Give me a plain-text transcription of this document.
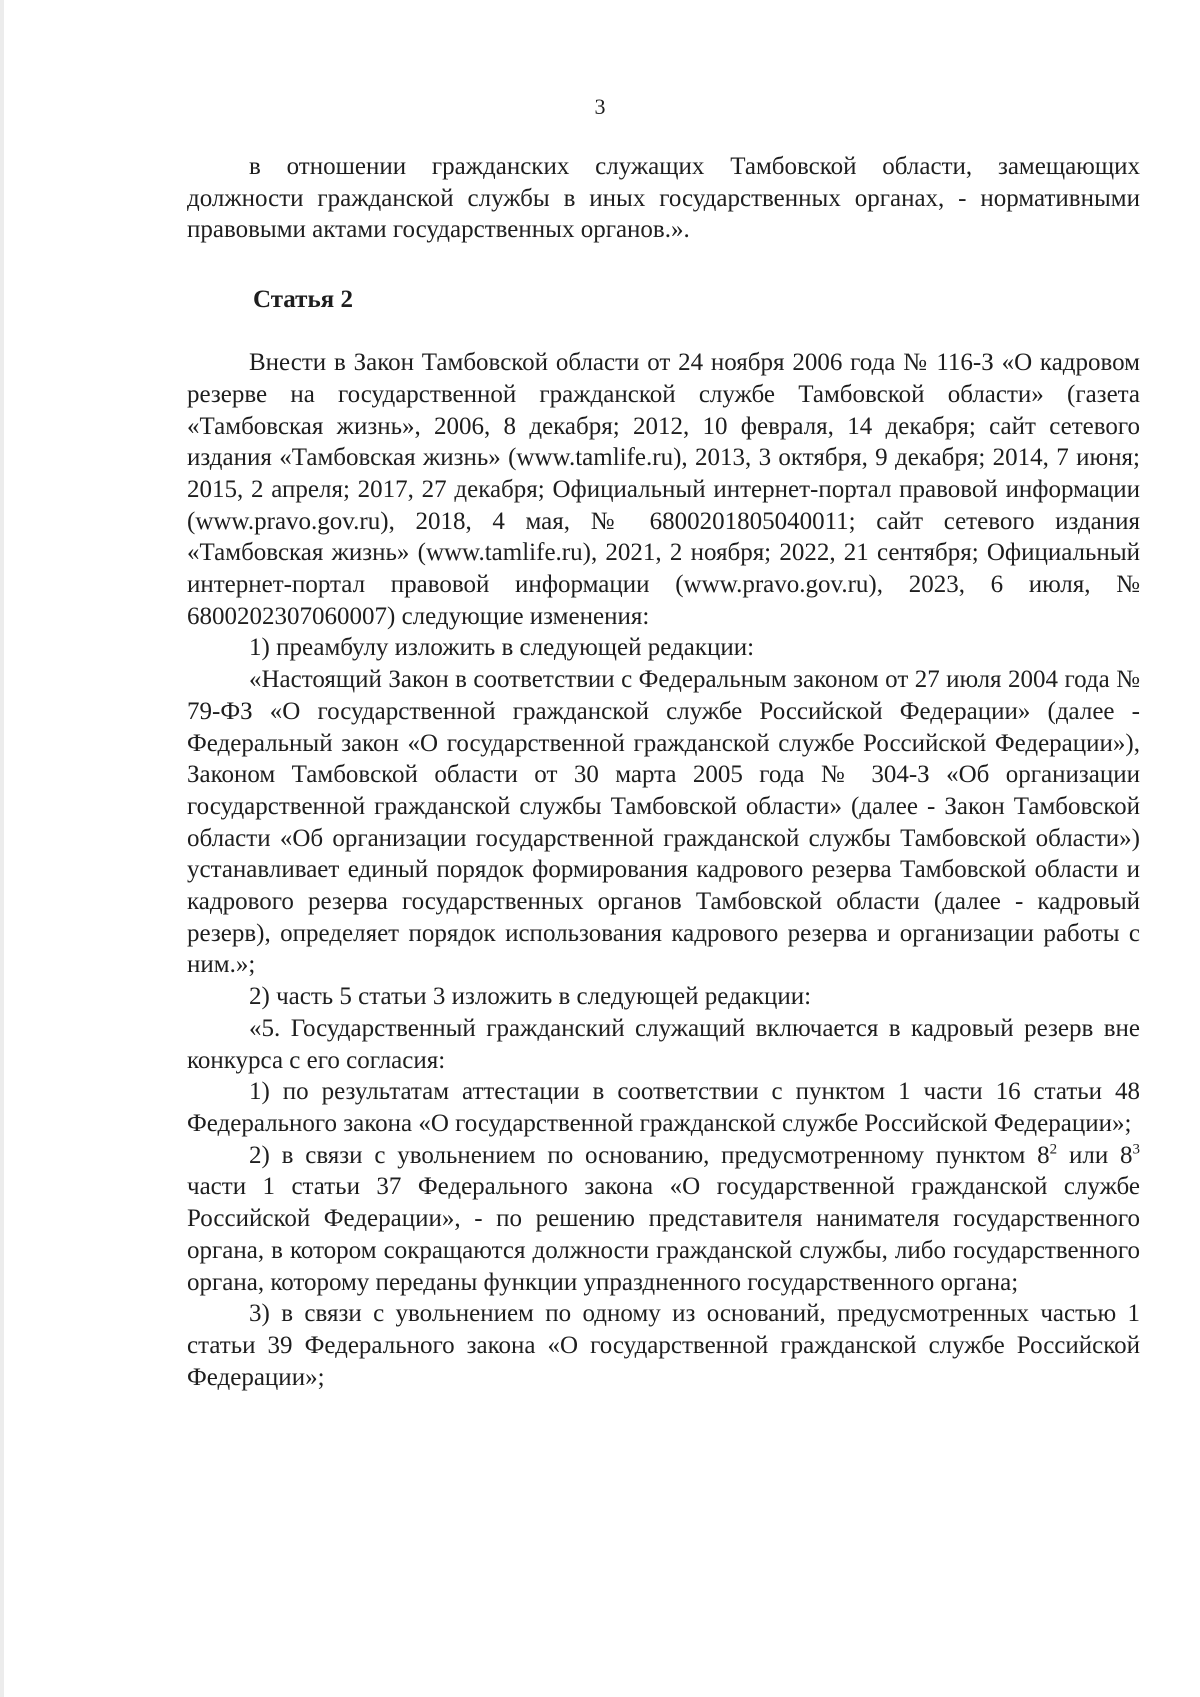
3

в отношении гражданских служащих Тамбовской области, замещающих должности гражданской службы в иных государственных органах, - нормативными правовыми актами государственных органов.».

Статья 2

Внести в Закон Тамбовской области от 24 ноября 2006 года № 116-З «О кадровом резерве на государственной гражданской службе Тамбовской области» (газета «Тамбовская жизнь», 2006, 8 декабря; 2012, 10 февраля, 14 декабря; сайт сетевого издания «Тамбовская жизнь» (www.tamlife.ru), 2013, 3 октября, 9 декабря; 2014, 7 июня; 2015, 2 апреля; 2017, 27 декабря; Официальный интернет-портал правовой информации (www.pravo.gov.ru), 2018, 4 мая, № 6800201805040011; сайт сетевого издания «Тамбовская жизнь» (www.tamlife.ru), 2021, 2 ноября; 2022, 21 сентября; Официальный интернет-портал правовой информации (www.pravo.gov.ru), 2023, 6 июля, № 6800202307060007) следующие изменения:

1) преамбулу изложить в следующей редакции:

«Настоящий Закон в соответствии с Федеральным законом от 27 июля 2004 года № 79-ФЗ «О государственной гражданской службе Российской Федерации» (далее - Федеральный закон «О государственной гражданской службе Российской Федерации»), Законом Тамбовской области от 30 марта 2005 года № 304-З «Об организации государственной гражданской службы Тамбовской области» (далее - Закон Тамбовской области «Об организации государственной гражданской службы Тамбовской области») устанавливает единый порядок формирования кадрового резерва Тамбовской области и кадрового резерва государственных органов Тамбовской области (далее - кадровый резерв), определяет порядок использования кадрового резерва и организации работы с ним.»;

2) часть 5 статьи 3 изложить в следующей редакции:

«5. Государственный гражданский служащий включается в кадровый резерв вне конкурса с его согласия:

1) по результатам аттестации в соответствии с пунктом 1 части 16 статьи 48 Федерального закона «О государственной гражданской службе Российской Федерации»;

2) в связи с увольнением по основанию, предусмотренному пунктом $8^2$ или $8^3$ части 1 статьи 37 Федерального закона «О государственной гражданской службе Российской Федерации», - по решению представителя нанимателя государственного органа, в котором сокращаются должности гражданской службы, либо государственного органа, которому переданы функции упраздненного государственного органа;

3) в связи с увольнением по одному из оснований, предусмотренных частью 1 статьи 39 Федерального закона «О государственной гражданской службе Российской Федерации»;
